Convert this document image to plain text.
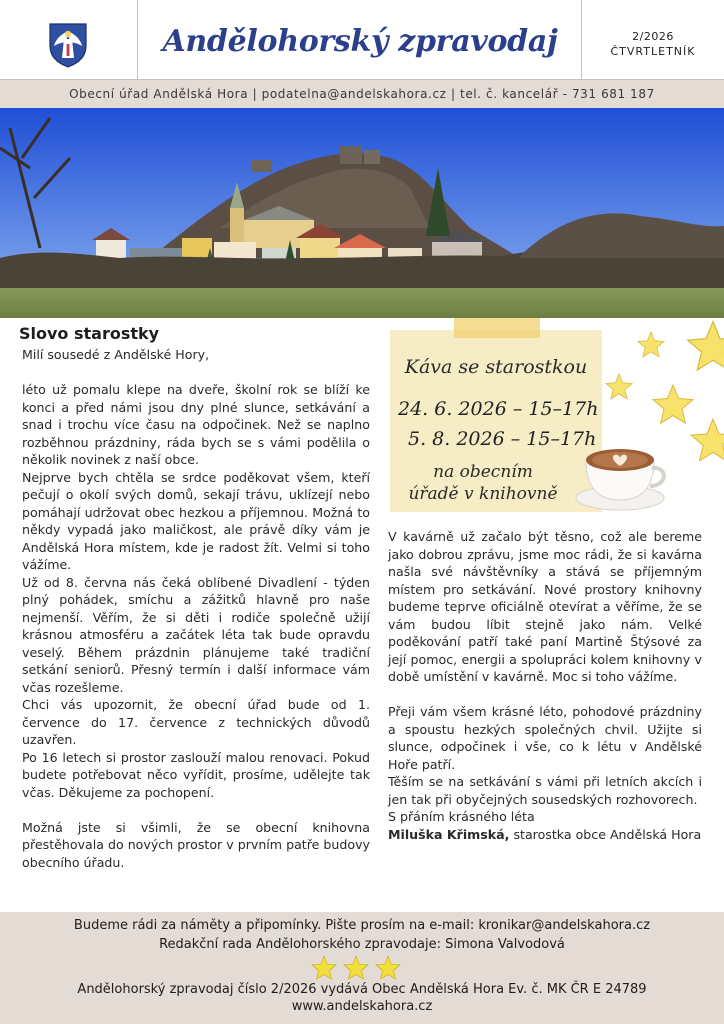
Andělohorský zpravodaj	2/2026
ČTVRTLETNÍK
Obecní úřad Andělská Hora | podatelna@andelskahora.cz | tel. č. kancelář - 731 681 187
Slovo starostky

Milí sousedé z Andělské Hory,

léto už pomalu klepe na dveře, školní rok se blíží ke konci a před námi jsou dny plné slunce, setkávání a snad i trochu více času na odpočinek. Než se naplno rozběhnou prázdniny, ráda bych se s vámi podělila o několik novinek z naší obce.

Nejprve bych chtěla se srdce poděkovat všem, kteří pečují o okolí svých domů, sekají trávu, uklízejí nebo pomáhají udržovat obec hezkou a příjemnou. Možná to někdy vypadá jako maličkost, ale právě díky vám je Andělská Hora místem, kde je radost žít. Velmi si toho vážíme.

Už od 8. června nás čeká oblíbené Divadlení - týden plný pohádek, smíchu a zážitků hlavně pro naše nejmenší. Věřím, že si děti i rodiče společně užijí krásnou atmosféru a začátek léta tak bude opravdu veselý. Během prázdnin plánujeme také tradiční setkání seniorů. Přesný termín i další informace vám včas rozešleme.

Chci vás upozornit, že obecní úřad bude od 1. července do 17. července z technických důvodů uzavřen.

Po 16 letech si prostor zaslouží malou renovaci. Pokud budete potřebovat něco vyřídit, prosíme, udělejte tak včas. Děkujeme za pochopení.

Možná jste si všimli, že se obecní knihovna přestěhovala do nových prostor v prvním patře budovy obecního úřadu.

V kavárně už začalo být těsno, což ale bereme jako dobrou zprávu, jsme moc rádi, že si kavárna našla své návštěvníky a stává se příjemným místem pro setkávání. Nové prostory knihovny budeme teprve oficiálně otevírat a věříme, že se vám budou líbit stejně jako nám. Velké poděkování patří také paní Martině Štýsové za její pomoc, energii a spolupráci kolem knihovny v době umístění v kavárně. Moc si toho vážíme.

Přeji vám všem krásné léto, pohodové prázdniny a spoustu hezkých společných chvil. Užijte si slunce, odpočinek i vše, co k létu v Andělské Hoře patří.

Těším se na setkávání s vámi při letních akcích i jen tak při obyčejných sousedských rozhovorech.

S přáním krásného léta

Miluška Křimská, starostka obce Andělská Hora

Káva se starostkou
24. 6. 2026 – 15–17h
5. 8. 2026 – 15–17h
na obecním
úřadě v knihovně
Budeme rádi za náměty a připomínky. Pište prosím na e-mail: kronikar@andelskahora.cz
Redakční rada Andělohorského zpravodaje: Simona Valvodová
Andělohorský zpravodaj číslo 2/2026 vydává Obec Andělská Hora Ev. č. MK ČR E 24789
www.andelskahora.cz
